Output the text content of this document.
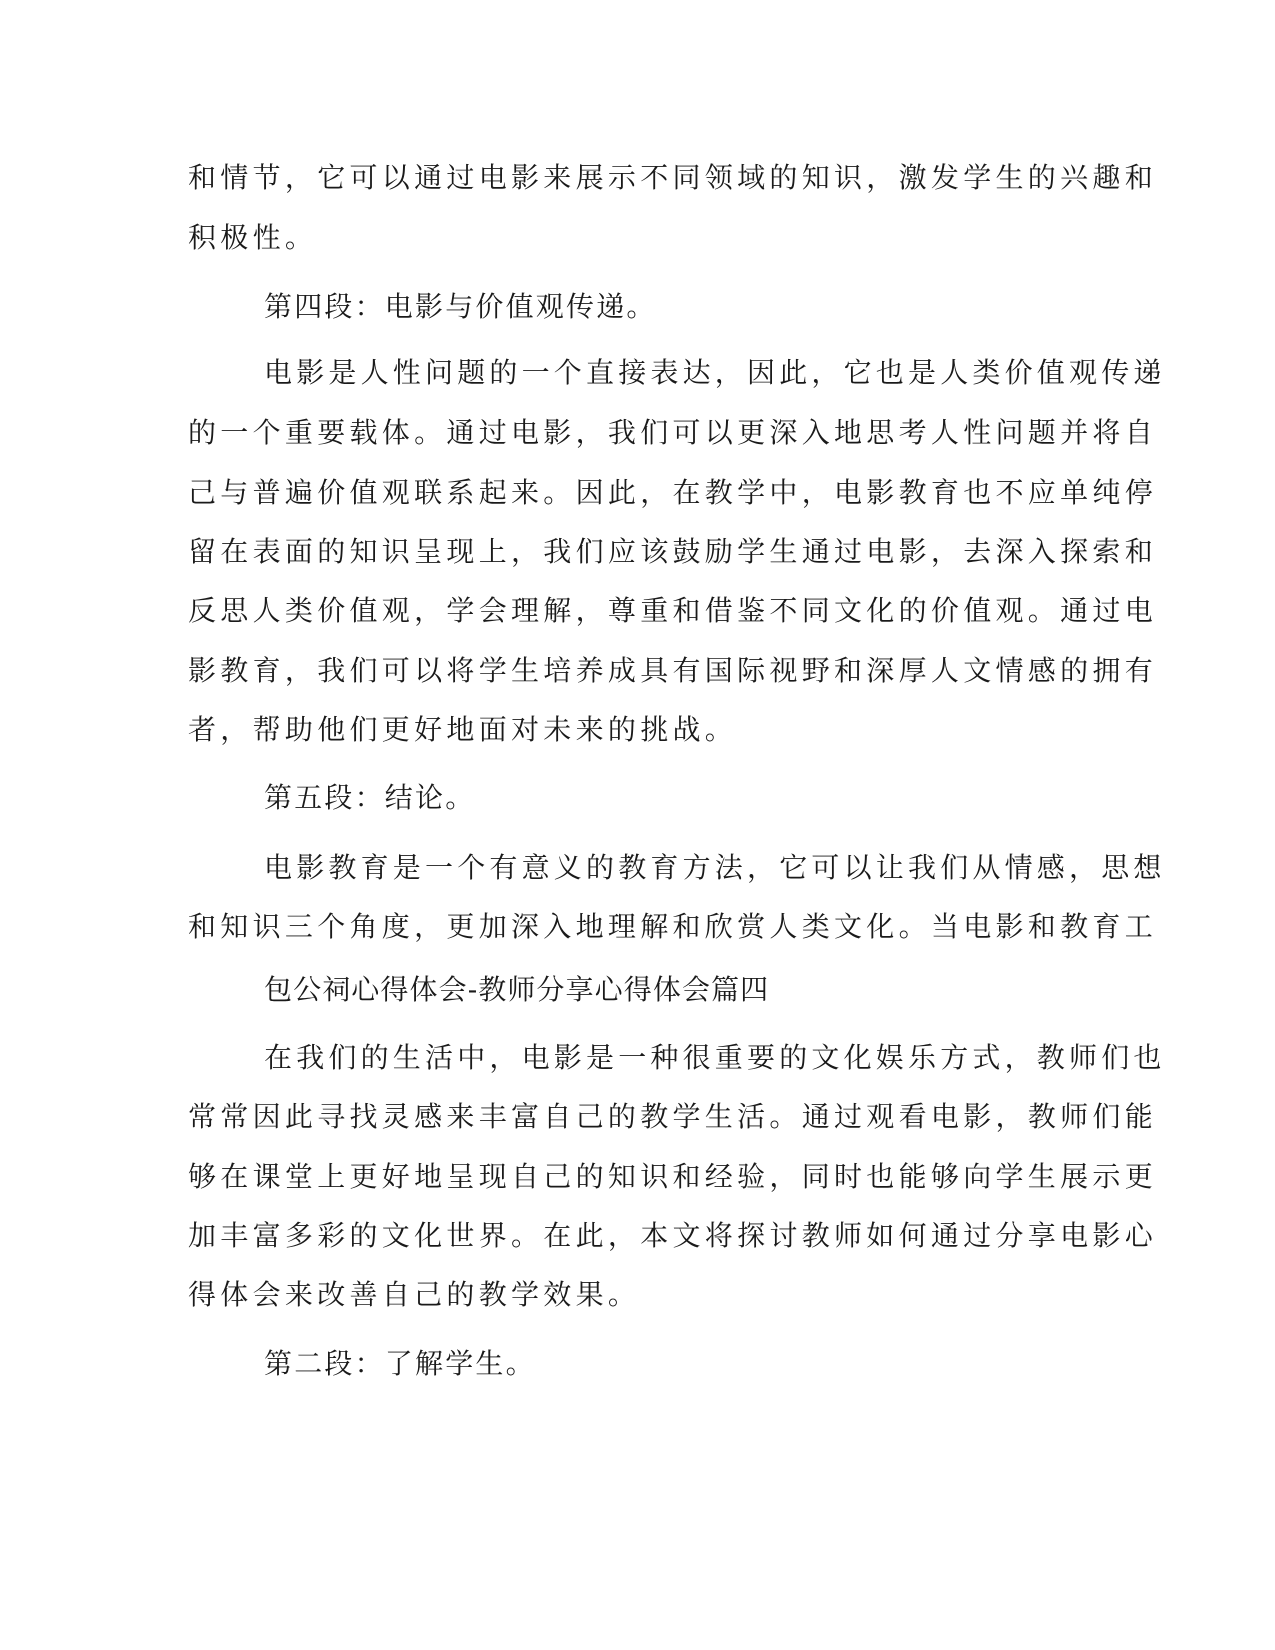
和情节，它可以通过电影来展示不同领域的知识，激发学生的兴趣和
积极性。
第四段：电影与价值观传递。
电影是人性问题的一个直接表达，因此，它也是人类价值观传递
的一个重要载体。通过电影，我们可以更深入地思考人性问题并将自
己与普遍价值观联系起来。因此，在教学中，电影教育也不应单纯停
留在表面的知识呈现上，我们应该鼓励学生通过电影，去深入探索和
反思人类价值观，学会理解，尊重和借鉴不同文化的价值观。通过电
影教育，我们可以将学生培养成具有国际视野和深厚人文情感的拥有
者，帮助他们更好地面对未来的挑战。
第五段：结论。
电影教育是一个有意义的教育方法，它可以让我们从情感，思想
和知识三个角度，更加深入地理解和欣赏人类文化。当电影和教育工
包公祠心得体会-教师分享心得体会篇四
在我们的生活中，电影是一种很重要的文化娱乐方式，教师们也
常常因此寻找灵感来丰富自己的教学生活。通过观看电影，教师们能
够在课堂上更好地呈现自己的知识和经验，同时也能够向学生展示更
加丰富多彩的文化世界。在此，本文将探讨教师如何通过分享电影心
得体会来改善自己的教学效果。
第二段：了解学生。
